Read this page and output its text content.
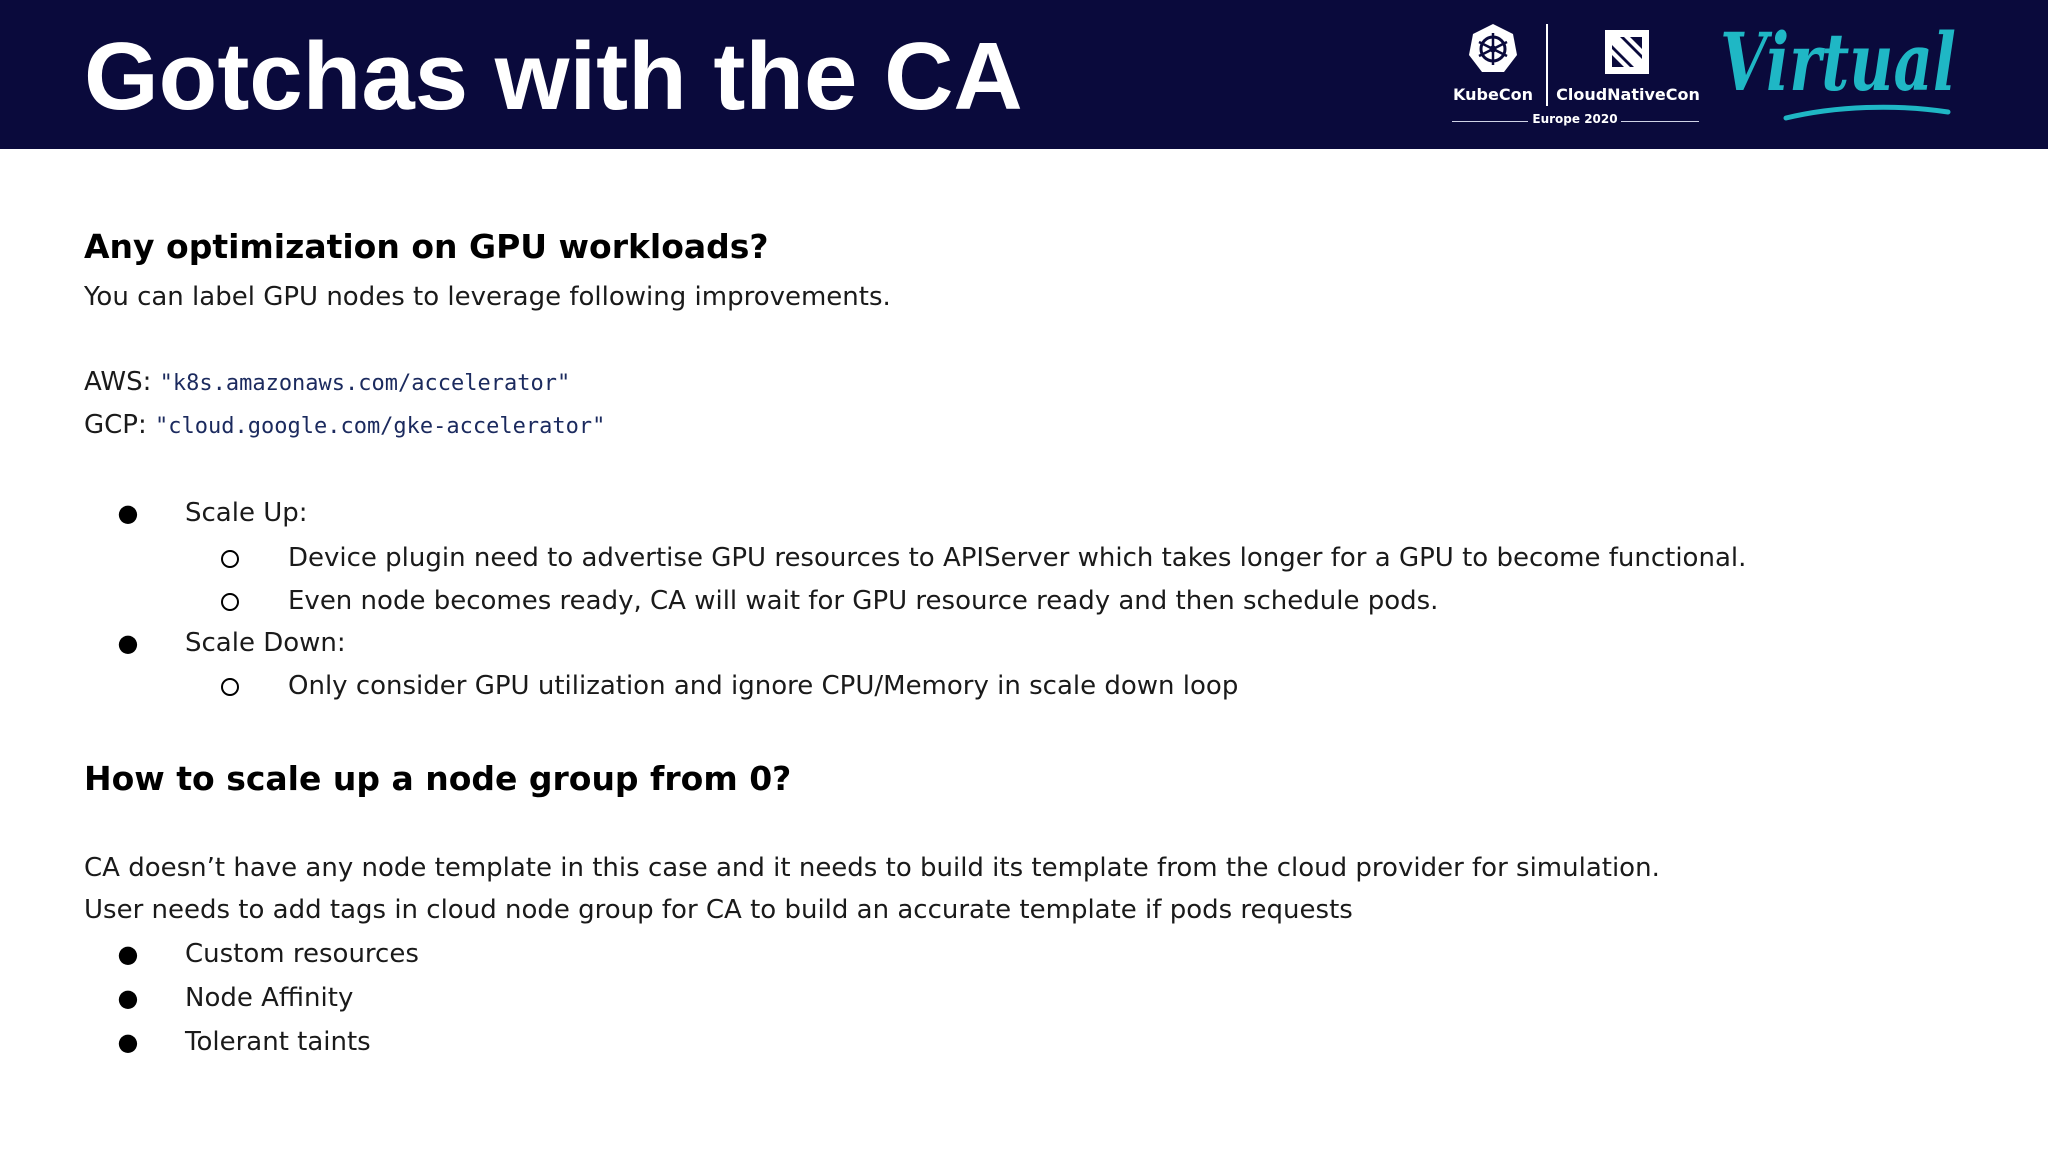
Gotchas with the CA	KubeCon	CloudNativeCon
Europe 2020
Virtual
Any optimization on GPU workloads?
You can label GPU nodes to leverage following improvements.
AWS: "k8s.amazonaws.com/accelerator"
GCP: "cloud.google.com/gke-accelerator"
● Scale Up:
Device plugin need to advertise GPU resources to APIServer which takes longer for a GPU to become functional.
Even node becomes ready, CA will wait for GPU resource ready and then schedule pods.
● Scale Down:
Only consider GPU utilization and ignore CPU/Memory in scale down loop
How to scale up a node group from 0?
CA doesn’t have any node template in this case and it needs to build its template from the cloud provider for simulation.
User needs to add tags in cloud node group for CA to build an accurate template if pods requests
● Custom resources
● Node Affinity
● Tolerant taints
